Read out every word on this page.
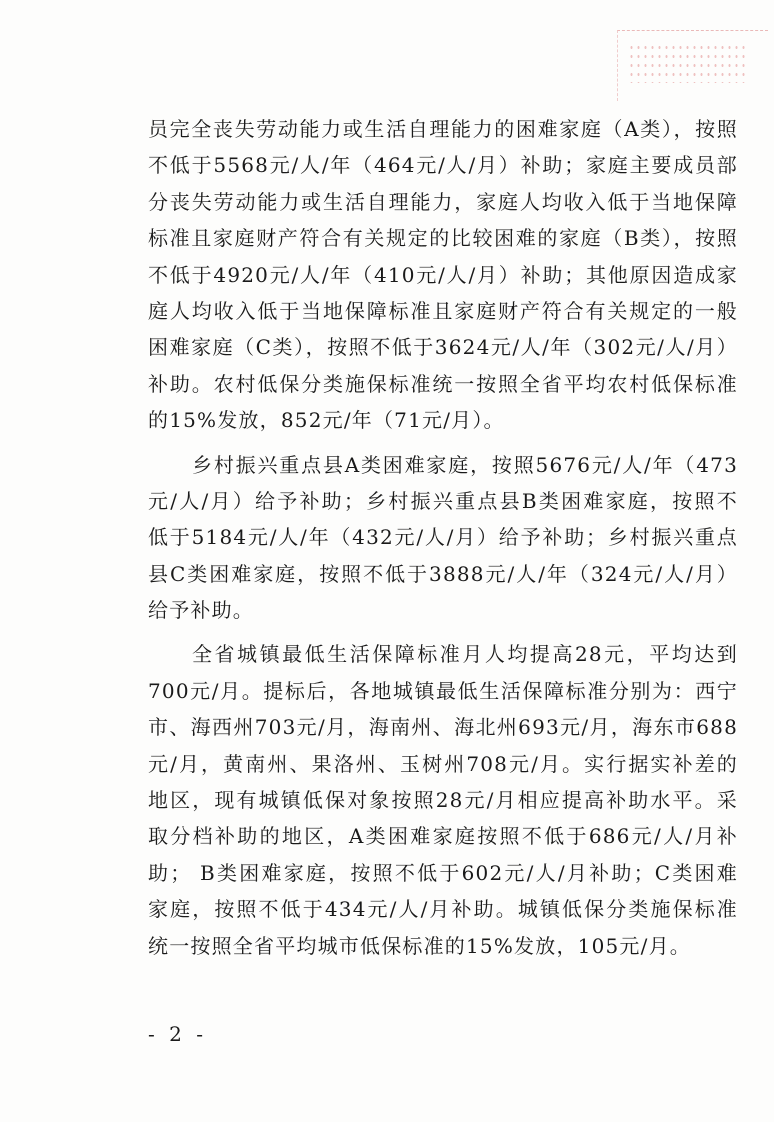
员完全丧失劳动能力或生活自理能力的困难家庭（A类），按照
不低于5568元/人/年（464元/人/月）补助；家庭主要成员部
分丧失劳动能力或生活自理能力，家庭人均收入低于当地保障
标准且家庭财产符合有关规定的比较困难的家庭（B类），按照
不低于4920元/人/年（410元/人/月）补助；其他原因造成家
庭人均收入低于当地保障标准且家庭财产符合有关规定的一般
困难家庭（C类），按照不低于3624元/人/年（302元/人/月）
补助。农村低保分类施保标准统一按照全省平均农村低保标准
的15%发放，852元/年（71元/月）。
乡村振兴重点县A类困难家庭，按照5676元/人/年（473
元/人/月）给予补助；乡村振兴重点县B类困难家庭，按照不
低于5184元/人/年（432元/人/月）给予补助；乡村振兴重点
县C类困难家庭，按照不低于3888元/人/年（324元/人/月）
给予补助。
全省城镇最低生活保障标准月人均提高28元，平均达到
700元/月。提标后，各地城镇最低生活保障标准分别为：西宁
市、海西州703元/月，海南州、海北州693元/月，海东市688
元/月，黄南州、果洛州、玉树州708元/月。实行据实补差的
地区，现有城镇低保对象按照28元/月相应提高补助水平。采
取分档补助的地区，A类困难家庭按照不低于686元/人/月补
助； B类困难家庭，按照不低于602元/人/月补助；C类困难
家庭，按照不低于434元/人/月补助。城镇低保分类施保标准
统一按照全省平均城市低保标准的15%发放，105元/月。
- 2 -
